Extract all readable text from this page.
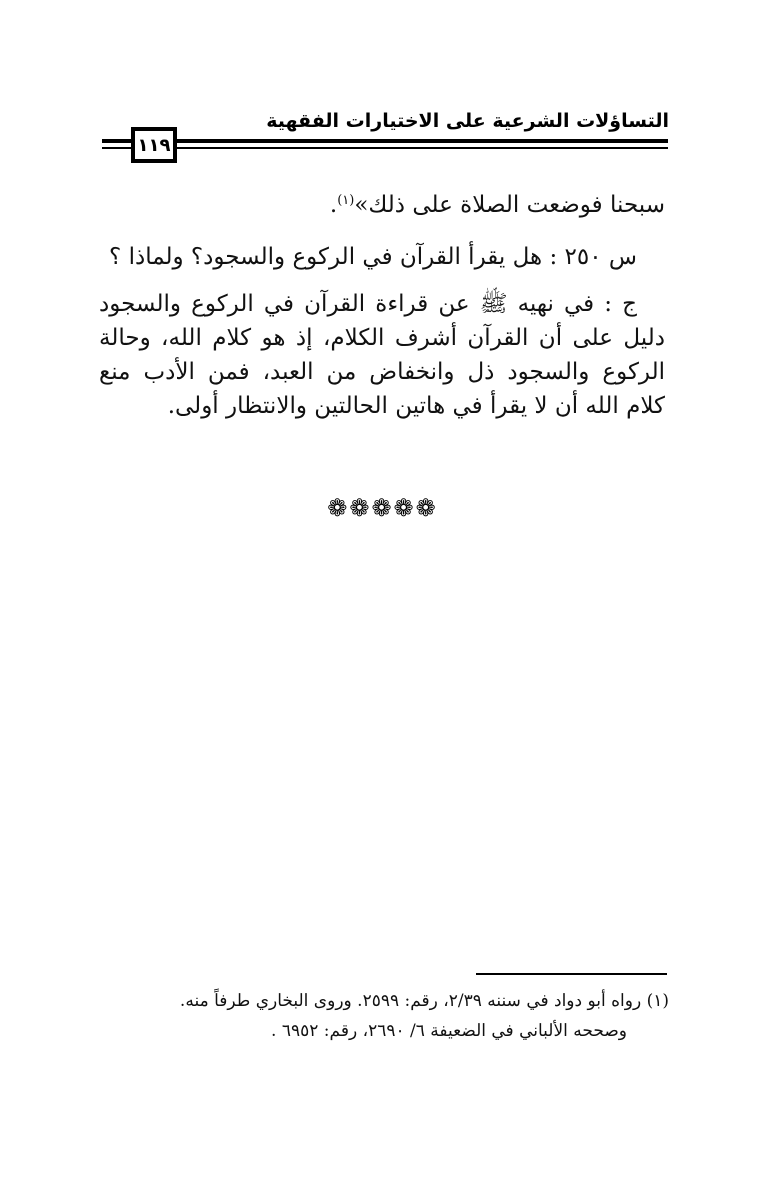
التساؤلات الشرعية على الاختيارات الفقهية
١١٩

سبحنا فوضعت الصلاة على ذلك»$^{(١)}$.

س ٢٥٠ : هل يقرأ القرآن في الركوع والسجود؟ ولماذا ؟

ج : في نهيه ﷺ عن قراءة القرآن في الركوع والسجود دليل على أن القرآن أشرف الكلام، إذ هو كلام الله، وحالة الركوع والسجود ذل وانخفاض من العبد، فمن الأدب منع كلام الله أن لا يقرأ في هاتين الحالتين والانتظار أولى.

❁❁❁❁❁

(١) رواه أبو دواد في سننه ٢/٣٩، رقم: ٢٥٩٩. وروى البخاري طرفاً منه.

وصححه الألباني في الضعيفة ٦/ ٢٦٩٠، رقم: ٦٩٥٢ .
